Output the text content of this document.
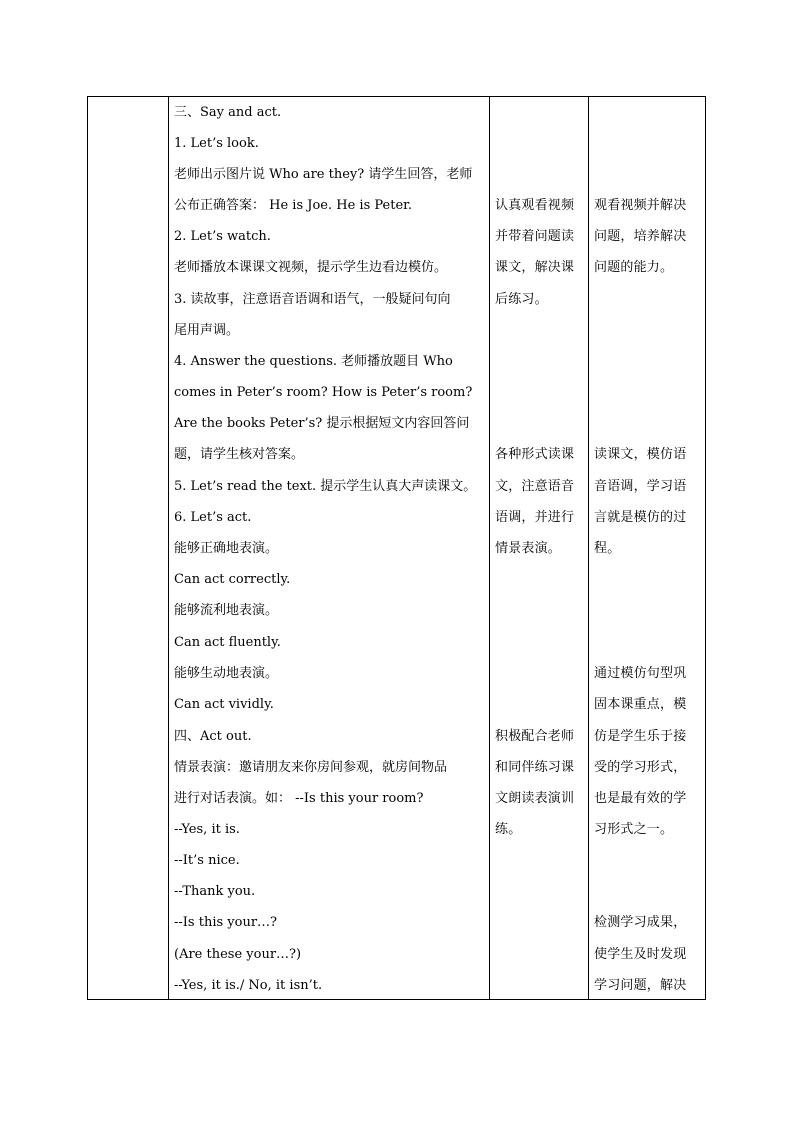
三、Say and act.
1. Let’s look.
老师出示图片说 Who are they? 请学生回答，老师
公布正确答案： He is Joe. He is Peter.
2. Let’s watch.
老师播放本课课文视频，提示学生边看边模仿。
3. 读故事，注意语音语调和语气，一般疑问句向
尾用声调。
4. Answer the questions. 老师播放题目 Who
comes in Peter’s room? How is Peter’s room?
Are the books Peter’s? 提示根据短文内容回答问
题，请学生核对答案。
5. Let’s read the text. 提示学生认真大声读课文。
6. Let’s act.
能够正确地表演。
Can act correctly.
能够流利地表演。
Can act fluently.
能够生动地表演。
Can act vividly.
四、Act out.
情景表演：邀请朋友来你房间参观，就房间物品
进行对话表演。如： --Is this your room?
--Yes, it is.
--It’s nice.
--Thank you.
--Is this your…?
(Are these your…?)
--Yes, it is./ No, it isn’t.
认真观看视频
并带着问题读
课文，解决课
后练习。
各种形式读课
文，注意语音
语调，并进行
情景表演。
积极配合老师
和同伴练习课
文朗读表演训
练。
观看视频并解决
问题，培养解决
问题的能力。
读课文，模仿语
音语调，学习语
言就是模仿的过
程。
通过模仿句型巩
固本课重点，模
仿是学生乐于接
受的学习形式，
也是最有效的学
习形式之一。
检测学习成果，
使学生及时发现
学习问题，解决
